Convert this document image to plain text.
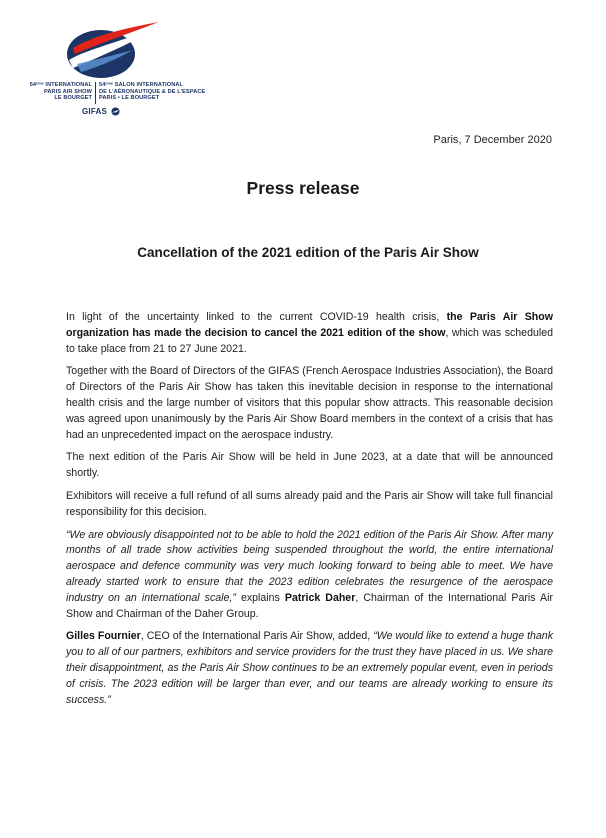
54ᵉᵐᵉ INTERNATIONAL
PARIS AIR SHOW
LE BOURGET
54ᵉᵐᵉ SALON INTERNATIONAL
DE L'AÉRONAUTIQUE & DE L'ESPACE
PARIS • LE BOURGET
GIFAS
Paris, 7 December 2020
Press release
Cancellation of the 2021 edition of the Paris Air Show

In light of the uncertainty linked to the current COVID-19 health crisis, the Paris Air Show organization has made the decision to cancel the 2021 edition of the show, which was scheduled to take place from 21 to 27 June 2021.

Together with the Board of Directors of the GIFAS (French Aerospace Industries Association), the Board of Directors of the Paris Air Show has taken this inevitable decision in response to the international health crisis and the large number of visitors that this popular show attracts. This reasonable decision was agreed upon unanimously by the Paris Air Show Board members in the context of a crisis that has had an unprecedented impact on the aerospace industry.

The next edition of the Paris Air Show will be held in June 2023, at a date that will be announced shortly.

Exhibitors will receive a full refund of all sums already paid and the Paris air Show will take full financial responsibility for this decision.

“We are obviously disappointed not to be able to hold the 2021 edition of the Paris Air Show. After many months of all trade show activities being suspended throughout the world, the entire international aerospace and defence community was very much looking forward to being able to meet. We have already started work to ensure that the 2023 edition celebrates the resurgence of the aerospace industry on an international scale,” explains Patrick Daher, Chairman of the International Paris Air Show and Chairman of the Daher Group.

Gilles Fournier, CEO of the International Paris Air Show, added, “We would like to extend a huge thank you to all of our partners, exhibitors and service providers for the trust they have placed in us. We share their disappointment, as the Paris Air Show continues to be an extremely popular event, even in periods of crisis. The 2023 edition will be larger than ever, and our teams are already working to ensure its success.”
